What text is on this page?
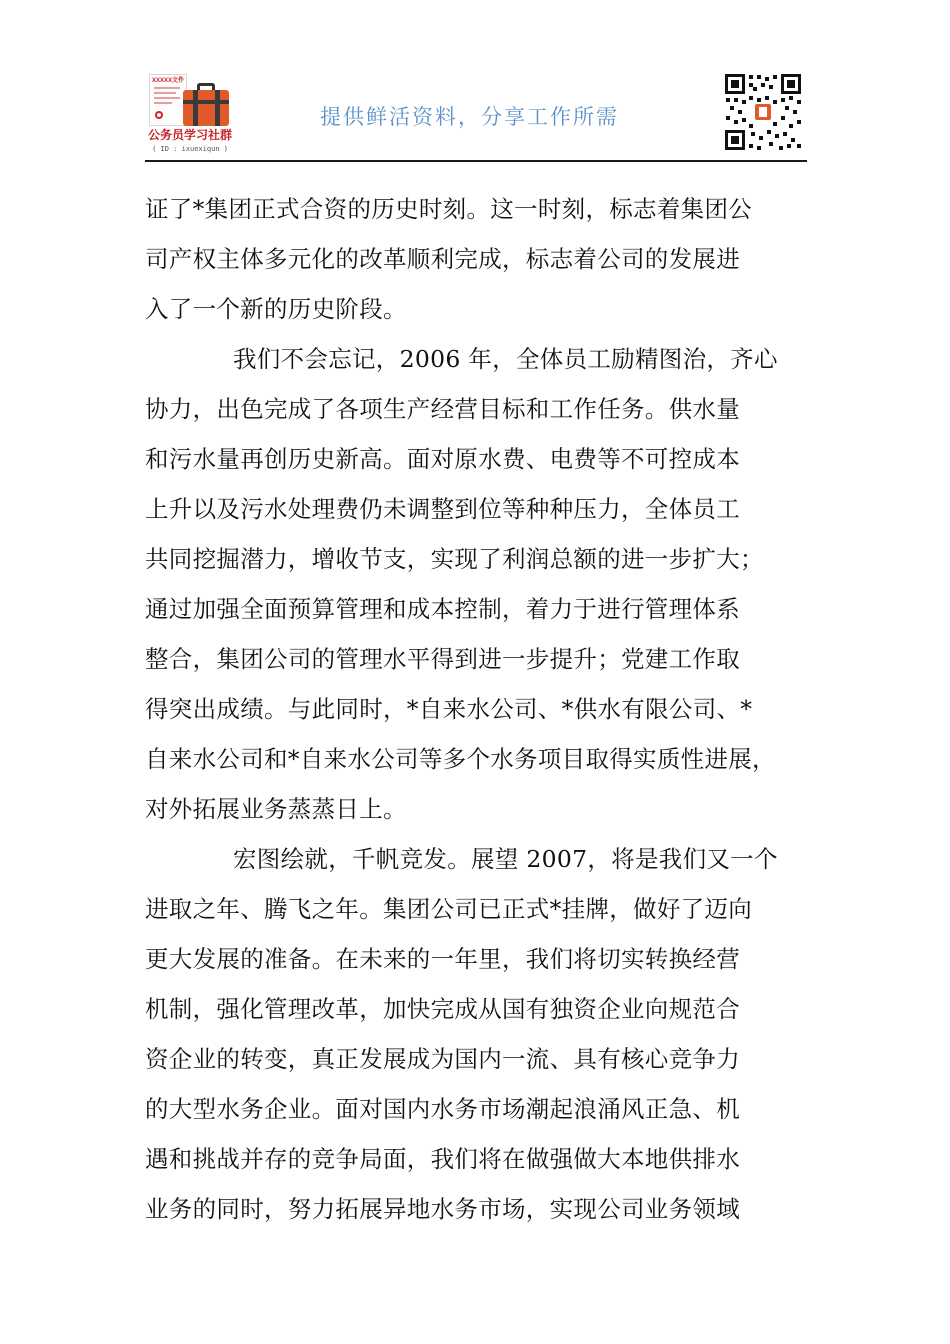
XXXXX文件
公务员学习社群
( ID : ixuexiqun )
提供鲜活资料，分享工作所需
证了*集团正式合资的历史时刻。这一时刻，标志着集团公
司产权主体多元化的改革顺利完成，标志着公司的发展进
入了一个新的历史阶段。
我们不会忘记，2006 年，全体员工励精图治，齐心
协力，出色完成了各项生产经营目标和工作任务。供水量
和污水量再创历史新高。面对原水费、电费等不可控成本
上升以及污水处理费仍未调整到位等种种压力，全体员工
共同挖掘潜力，增收节支，实现了利润总额的进一步扩大；
通过加强全面预算管理和成本控制，着力于进行管理体系
整合，集团公司的管理水平得到进一步提升；党建工作取
得突出成绩。与此同时，*自来水公司、*供水有限公司、*
自来水公司和*自来水公司等多个水务项目取得实质性进展，
对外拓展业务蒸蒸日上。
宏图绘就，千帆竞发。展望 2007，将是我们又一个
进取之年、腾飞之年。集团公司已正式*挂牌，做好了迈向
更大发展的准备。在未来的一年里，我们将切实转换经营
机制，强化管理改革，加快完成从国有独资企业向规范合
资企业的转变，真正发展成为国内一流、具有核心竞争力
的大型水务企业。面对国内水务市场潮起浪涌风正急、机
遇和挑战并存的竞争局面，我们将在做强做大本地供排水
业务的同时，努力拓展异地水务市场，实现公司业务领域
